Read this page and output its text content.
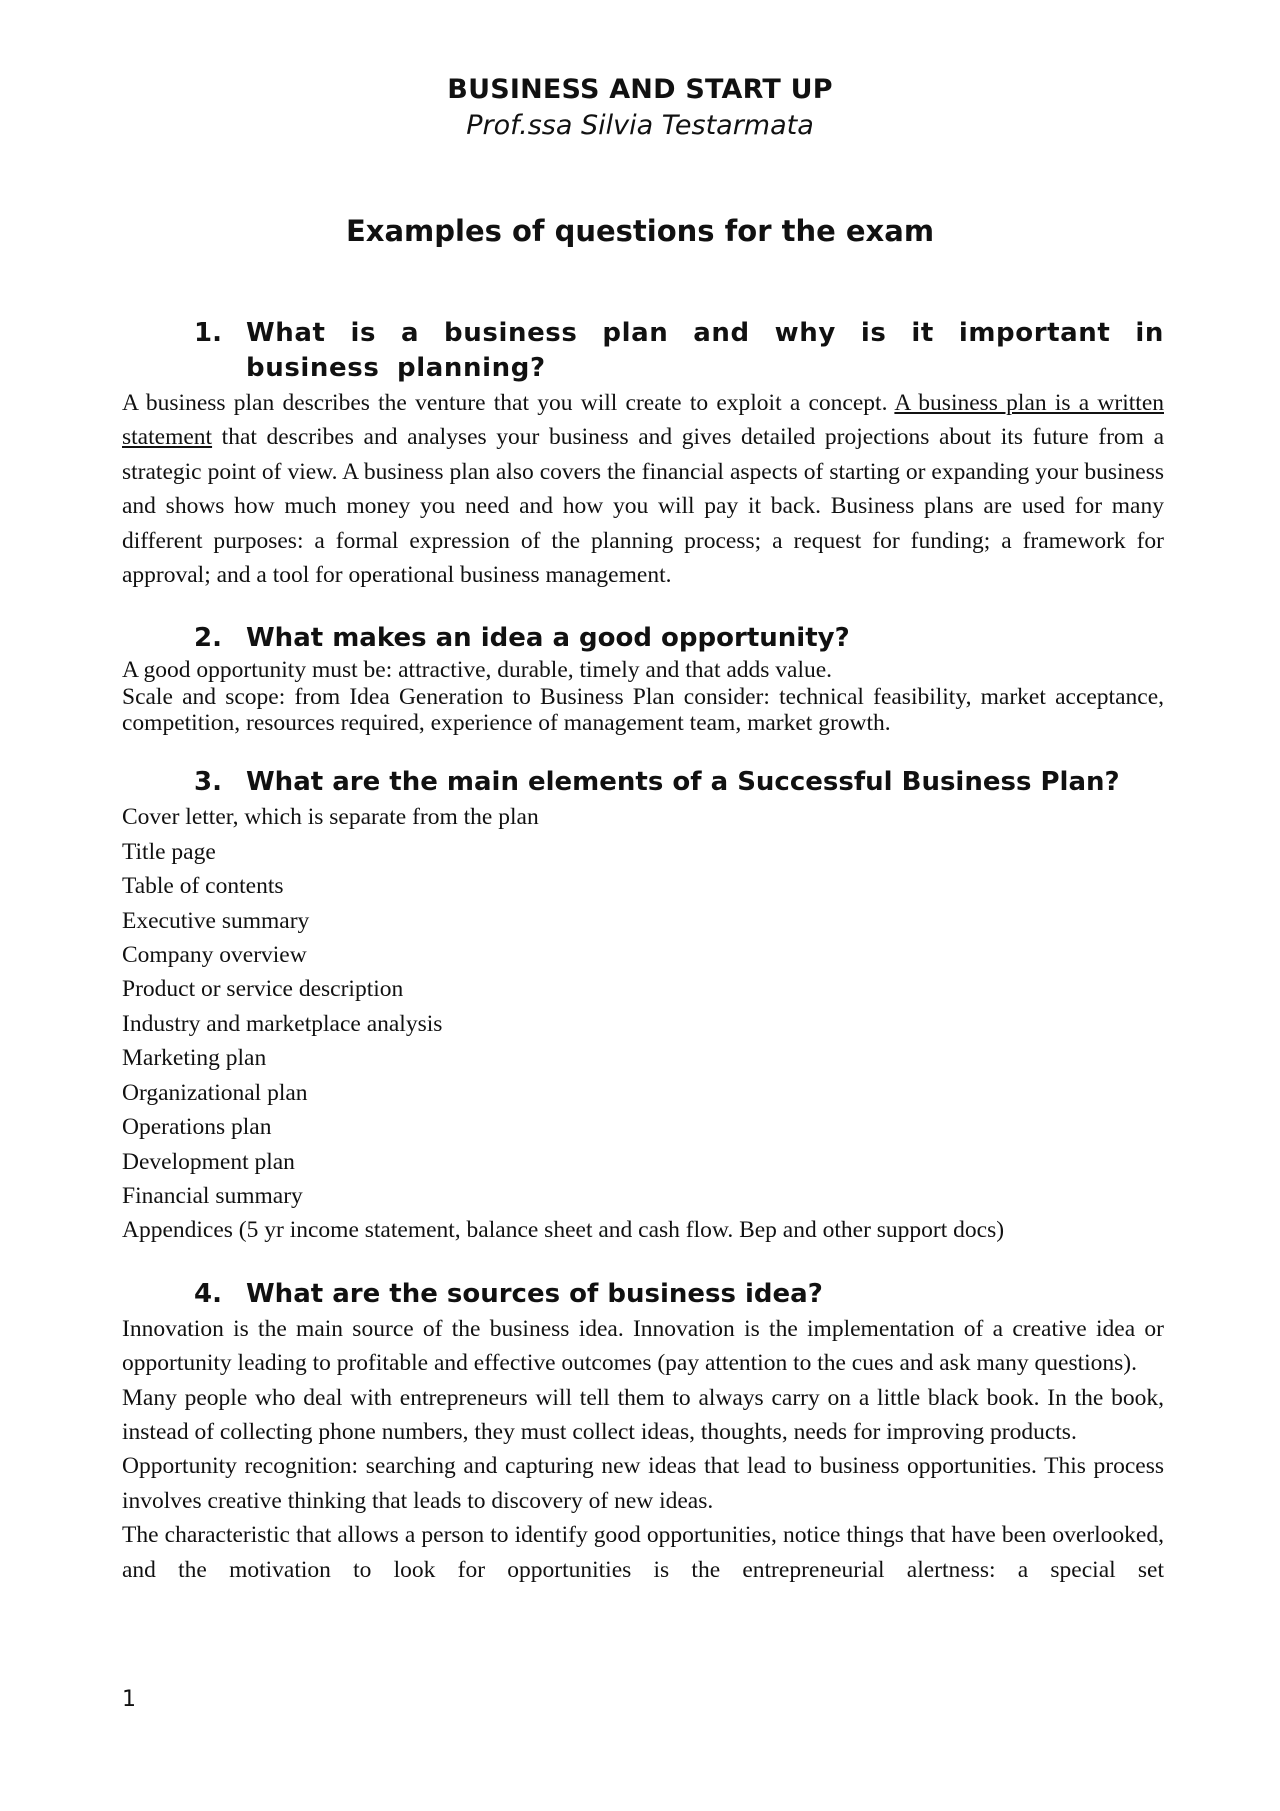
BUSINESS AND START UP
Prof.ssa Silvia Testarmata
Examples of questions for the exam
1. What is a business plan and why is it important in business planning?

A business plan describes the venture that you will create to exploit a concept. A business plan is a written statement that describes and analyses your business and gives detailed projections about its future from a strategic point of view. A business plan also covers the financial aspects of starting or expanding your business and shows how much money you need and how you will pay it back. Business plans are used for many different purposes: a formal expression of the planning process; a request for funding; a framework for approval; and a tool for operational business management.

2. What makes an idea a good opportunity?

A good opportunity must be: attractive, durable, timely and that adds value.

Scale and scope: from Idea Generation to Business Plan consider: technical feasibility, market acceptance, competition, resources required, experience of management team, market growth.

3. What are the main elements of a Successful Business Plan?

Cover letter, which is separate from the plan

Title page

Table of contents

Executive summary

Company overview

Product or service description

Industry and marketplace analysis

Marketing plan

Organizational plan

Operations plan

Development plan

Financial summary

Appendices (5 yr income statement, balance sheet and cash flow. Bep and other support docs)

4. What are the sources of business idea?

Innovation is the main source of the business idea. Innovation is the implementation of a creative idea or opportunity leading to profitable and effective outcomes (pay attention to the cues and ask many questions).

Many people who deal with entrepreneurs will tell them to always carry on a little black book. In the book, instead of collecting phone numbers, they must collect ideas, thoughts, needs for improving products.

Opportunity recognition: searching and capturing new ideas that lead to business opportunities. This process involves creative thinking that leads to discovery of new ideas.

The characteristic that allows a person to identify good opportunities, notice things that have been overlooked, and the motivation to look for opportunities is the entrepreneurial alertness: a special set

1
